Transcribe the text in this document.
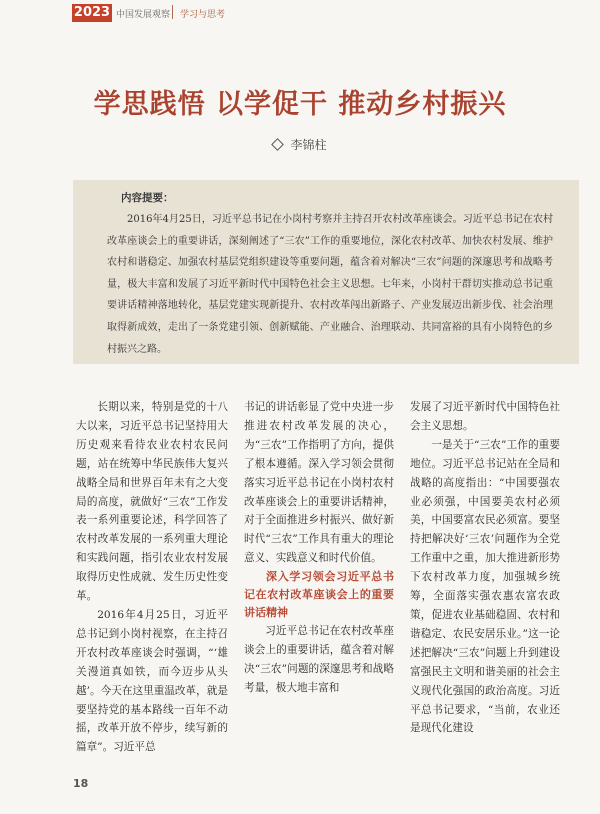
2023 中国发展观察 学习与思考
学思践悟 以学促干 推动乡村振兴
李锦柱
内容提要：

2016年4月25日，习近平总书记在小岗村考察并主持召开农村改革座谈会。习近平总书记在农村改革座谈会上的重要讲话，深刻阐述了“三农”工作的重要地位，深化农村改革、加快农村发展、维护农村和谐稳定、加强农村基层党组织建设等重要问题，蕴含着对解决“三农”问题的深邃思考和战略考量，极大丰富和发展了习近平新时代中国特色社会主义思想。七年来，小岗村干群切实推动总书记重要讲话精神落地转化，基层党建实现新提升、农村改革闯出新路子、产业发展迈出新步伐、社会治理取得新成效，走出了一条党建引领、创新赋能、产业融合、治理联动、共同富裕的具有小岗特色的乡村振兴之路。

长期以来，特别是党的十八大以来，习近平总书记坚持用大历史观来看待农业农村农民问题，站在统筹中华民族伟大复兴战略全局和世界百年未有之大变局的高度，就做好“三农”工作发表一系列重要论述，科学回答了农村改革发展的一系列重大理论和实践问题，指引农业农村发展取得历史性成就、发生历史性变革。

2016年4月25日，习近平总书记到小岗村视察，在主持召开农村改革座谈会时强调，“‘雄关漫道真如铁，而今迈步从头越’。今天在这里重温改革，就是要坚持党的基本路线一百年不动摇，改革开放不停步，续写新的篇章”。习近平总

书记的讲话彰显了党中央进一步推进农村改革发展的决心，为“三农”工作指明了方向，提供了根本遵循。深入学习领会贯彻落实习近平总书记在小岗村农村改革座谈会上的重要讲话精神，对于全面推进乡村振兴、做好新时代“三农”工作具有重大的理论意义、实践意义和时代价值。

深入学习领会习近平总书记在农村改革座谈会上的重要讲话精神

习近平总书记在农村改革座谈会上的重要讲话，蕴含着对解决“三农”问题的深邃思考和战略考量，极大地丰富和

发展了习近平新时代中国特色社会主义思想。

一是关于“三农”工作的重要地位。习近平总书记站在全局和战略的高度指出：“中国要强农业必须强，中国要美农村必须美，中国要富农民必须富。要坚持把解决好‘三农’问题作为全党工作重中之重，加大推进新形势下农村改革力度，加强城乡统筹，全面落实强农惠农富农政策，促进农业基础稳固、农村和谐稳定、农民安居乐业。”这一论述把解决“三农”问题上升到建设富强民主文明和谐美丽的社会主义现代化强国的政治高度。习近平总书记要求，“当前，农业还是现代化建设

18
